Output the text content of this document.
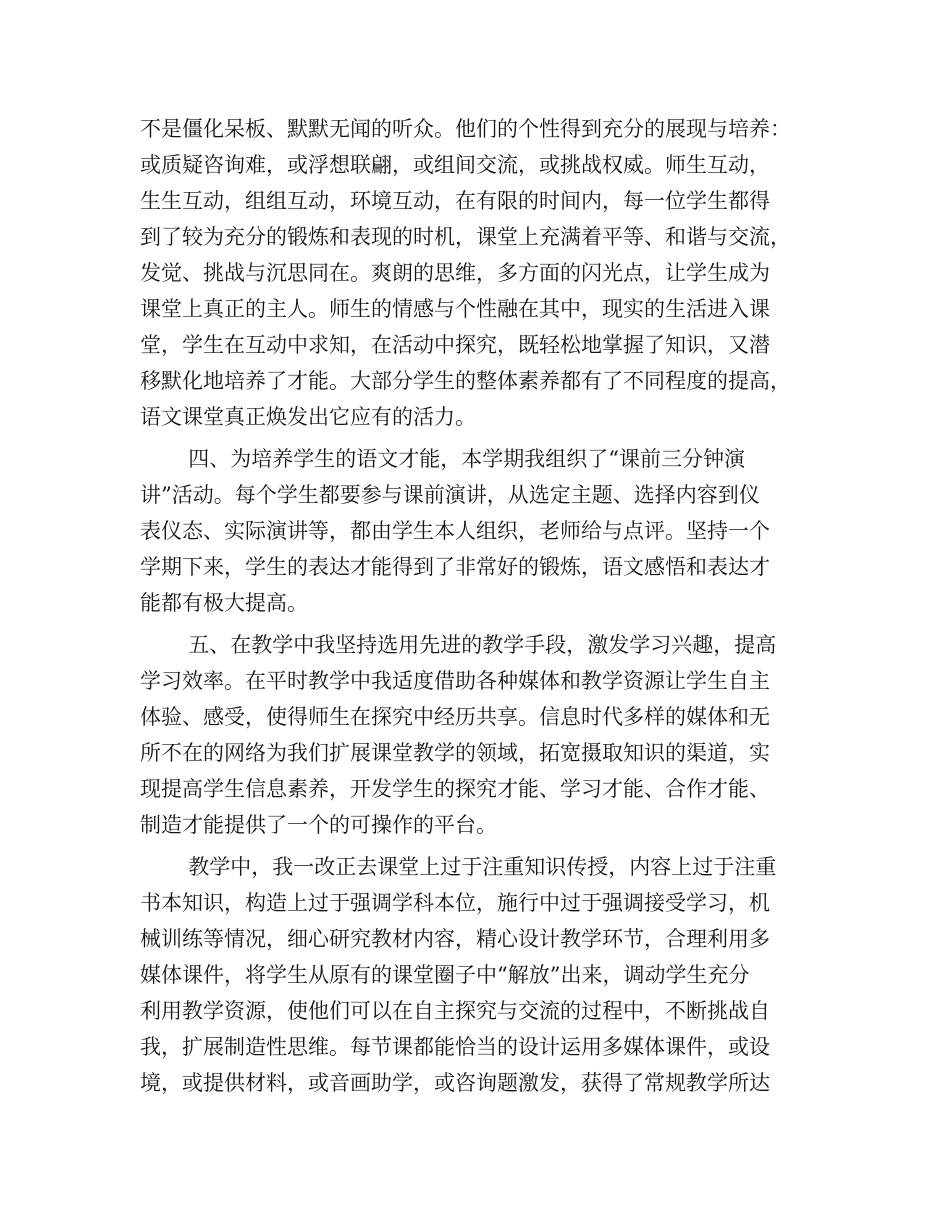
不是僵化呆板、默默无闻的听众。他们的个性得到充分的展现与培养：
或质疑咨询难，或浮想联翩，或组间交流，或挑战权威。师生互动，
生生互动，组组互动，环境互动，在有限的时间内，每一位学生都得
到了较为充分的锻炼和表现的时机，课堂上充满着平等、和谐与交流，
发觉、挑战与沉思同在。爽朗的思维，多方面的闪光点，让学生成为
课堂上真正的主人。师生的情感与个性融在其中，现实的生活进入课
堂，学生在互动中求知，在活动中探究，既轻松地掌握了知识，又潜
移默化地培养了才能。大部分学生的整体素养都有了不同程度的提高，
语文课堂真正焕发出它应有的活力。

四、为培养学生的语文才能，本学期我组织了“课前三分钟演
讲”活动。每个学生都要参与课前演讲，从选定主题、选择内容到仪
表仪态、实际演讲等，都由学生本人组织，老师给与点评。坚持一个
学期下来，学生的表达才能得到了非常好的锻炼，语文感悟和表达才
能都有极大提高。

五、在教学中我坚持选用先进的教学手段，激发学习兴趣，提高
学习效率。在平时教学中我适度借助各种媒体和教学资源让学生自主
体验、感受，使得师生在探究中经历共享。信息时代多样的媒体和无
所不在的网络为我们扩展课堂教学的领域，拓宽摄取知识的渠道，实
现提高学生信息素养，开发学生的探究才能、学习才能、合作才能、
制造才能提供了一个的可操作的平台。

教学中，我一改正去课堂上过于注重知识传授，内容上过于注重
书本知识，构造上过于强调学科本位，施行中过于强调接受学习，机
械训练等情况，细心研究教材内容，精心设计教学环节，合理利用多
媒体课件，将学生从原有的课堂圈子中“解放”出来，调动学生充分
利用教学资源，使他们可以在自主探究与交流的过程中，不断挑战自
我，扩展制造性思维。每节课都能恰当的设计运用多媒体课件，或设
境，或提供材料，或音画助学，或咨询题激发，获得了常规教学所达
